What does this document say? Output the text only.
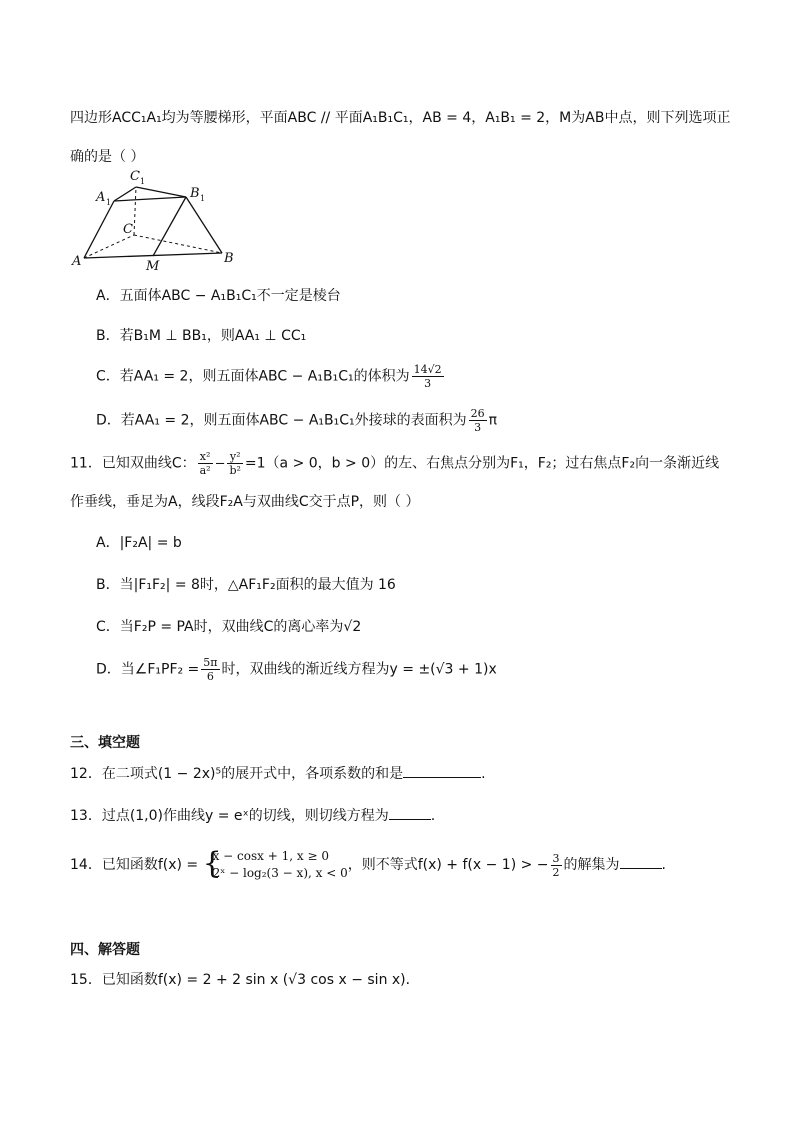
四边形ACC₁A₁均为等腰梯形，平面ABC // 平面A₁B₁C₁，AB = 4，A₁B₁ = 2，M为AB中点，则下列选项正
确的是（ ）
A 1
C 1
B 1
C
A	M
B
A．五面体ABC − A₁B₁C₁不一定是棱台
B．若B₁M ⊥ BB₁，则AA₁ ⊥ CC₁
C．若AA₁ = 2，则五面体ABC − A₁B₁C₁的体积为 $\frac{14√2}{3}$
D．若AA₁ = 2，则五面体ABC − A₁B₁C₁外接球的表面积为 $\frac{26}{3}$ π
11．已知双曲线C： $\frac{\text{x²}}{\text{a²}} - \frac{\text{y²}}{\text{b²}} =1(a > 0$，b > 0）的左、右焦点分别为F₁，F₂；过右焦点F₂向一条渐近线
作垂线，垂足为A，线段F₂A与双曲线C交于点P，则（ ）
A．|F₂A| = b
B．当|F₁F₂| = 8时，△AF₁F₂面积的最大值为 16
C．当F₂P = PA时，双曲线C的离心率为√2
D．当∠F₁PF₂ = $\frac{5\pi}{6}$ 时，双曲线的渐近线方程为y = ±(√3 + 1)x
三、填空题
12．在二项式(1 − 2x)⁵的展开式中，各项系数的和是	.
13．过点(1,0)作曲线y = eˣ的切线，则切线方程为	.
14．已知函数f(x) = {
x − cosx + 1, x ≥ 0
2ˣ − log₂(3 − x), x < 0 ，则不等式f(x) + f(x − 1) > − $\frac{3}{2}$ 的解集为	.
四、解答题
15．已知函数f(x) = 2 + 2 sin x (√3 cos x − sin x)．
